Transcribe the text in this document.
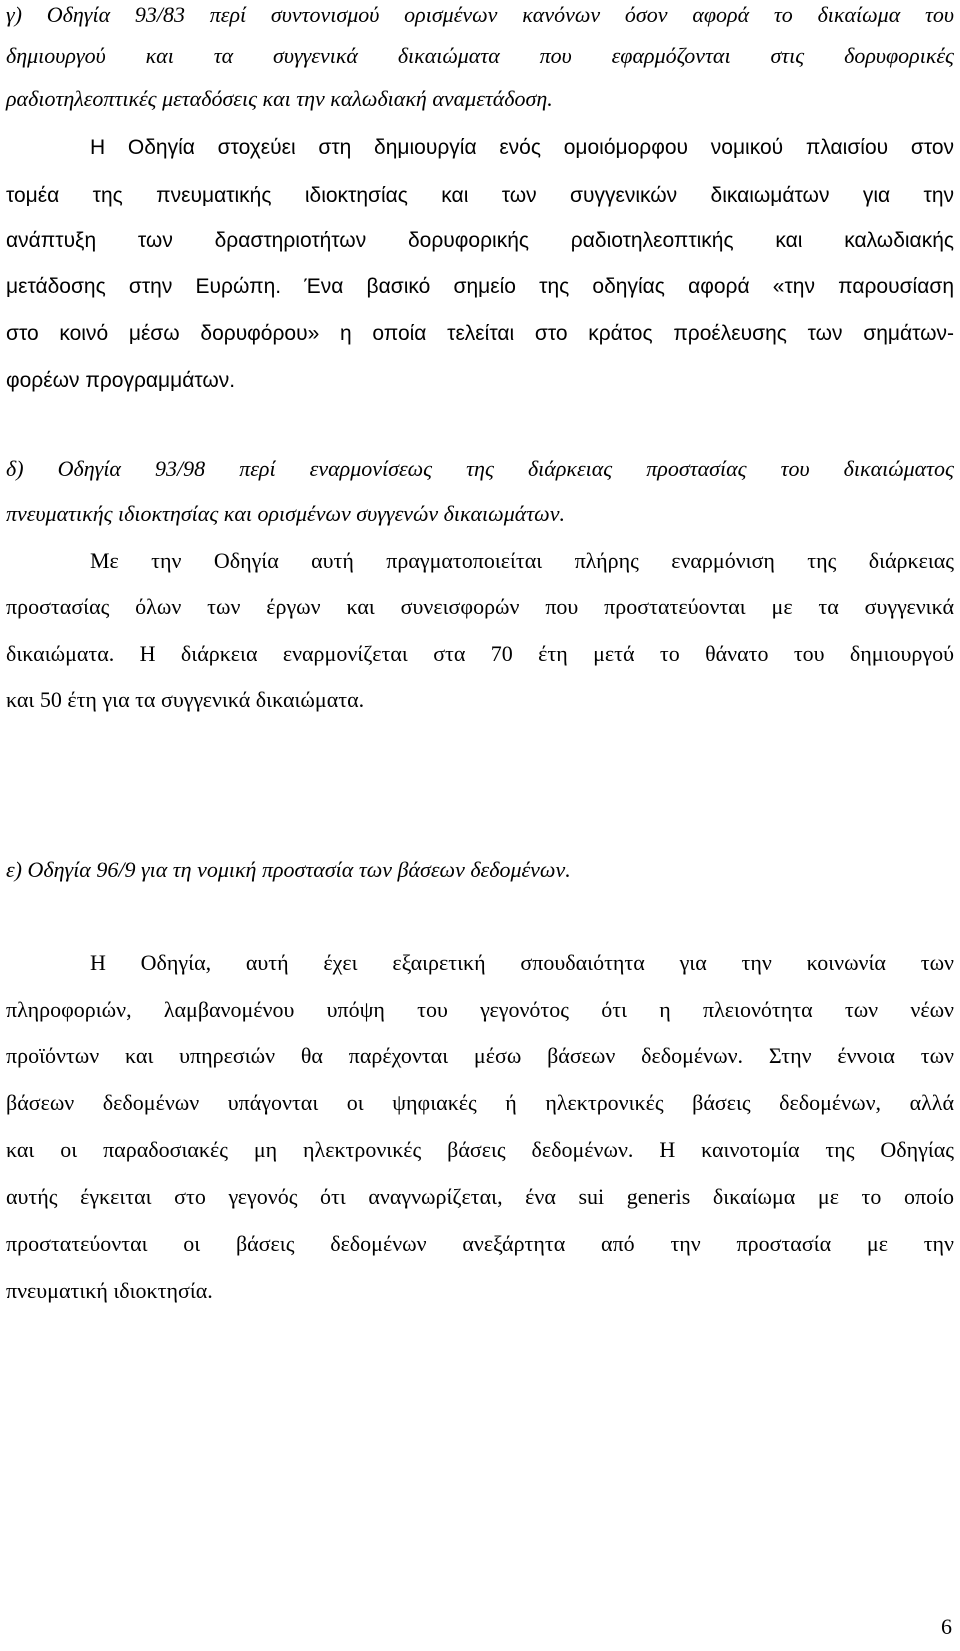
γ) Οδηγία 93/83 περί συντονισμού ορισμένων κανόνων όσον αφορά το δικαίωμα του
δημιουργού και τα συγγενικά δικαιώματα που εφαρμόζονται στις δορυφορικές
ραδιοτηλεοπτικές μεταδόσεις και την καλωδιακή αναμετάδοση.
Η Οδηγία στοχεύει στη δημιουργία ενός ομοιόμορφου νομικού πλαισίου στον
τομέα της πνευματικής ιδιοκτησίας και των συγγενικών δικαιωμάτων για την
ανάπτυξη των δραστηριοτήτων δορυφορικής ραδιοτηλεοπτικής και καλωδιακής
μετάδοσης στην Ευρώπη. Ένα βασικό σημείο της οδηγίας αφορά «την παρουσίαση
στο κοινό μέσω δορυφόρου» η οποία τελείται στο κράτος προέλευσης των σημάτων-
φορέων προγραμμάτων.
δ) Οδηγία 93/98 περί εναρμονίσεως της διάρκειας προστασίας του δικαιώματος
πνευματικής ιδιοκτησίας και ορισμένων συγγενών δικαιωμάτων.
Με την Οδηγία αυτή πραγματοποιείται πλήρης εναρμόνιση της διάρκειας
προστασίας όλων των έργων και συνεισφορών που προστατεύονται με τα συγγενικά
δικαιώματα. Η διάρκεια εναρμονίζεται στα 70 έτη μετά το θάνατο του δημιουργού
και 50 έτη για τα συγγενικά δικαιώματα.
ε) Οδηγία 96/9 για τη νομική προστασία των βάσεων δεδομένων.
Η Οδηγία, αυτή έχει εξαιρετική σπουδαιότητα για την κοινωνία των
πληροφοριών, λαμβανομένου υπόψη του γεγονότος ότι η πλειονότητα των νέων
προϊόντων και υπηρεσιών θα παρέχονται μέσω βάσεων δεδομένων. Στην έννοια των
βάσεων δεδομένων υπάγονται οι ψηφιακές ή ηλεκτρονικές βάσεις δεδομένων, αλλά
και οι παραδοσιακές μη ηλεκτρονικές βάσεις δεδομένων. Η καινοτομία της Οδηγίας
αυτής έγκειται στο γεγονός ότι αναγνωρίζεται, ένα sui generis δικαίωμα με το οποίο
προστατεύονται οι βάσεις δεδομένων ανεξάρτητα από την προστασία με την
πνευματική ιδιοκτησία.
6
